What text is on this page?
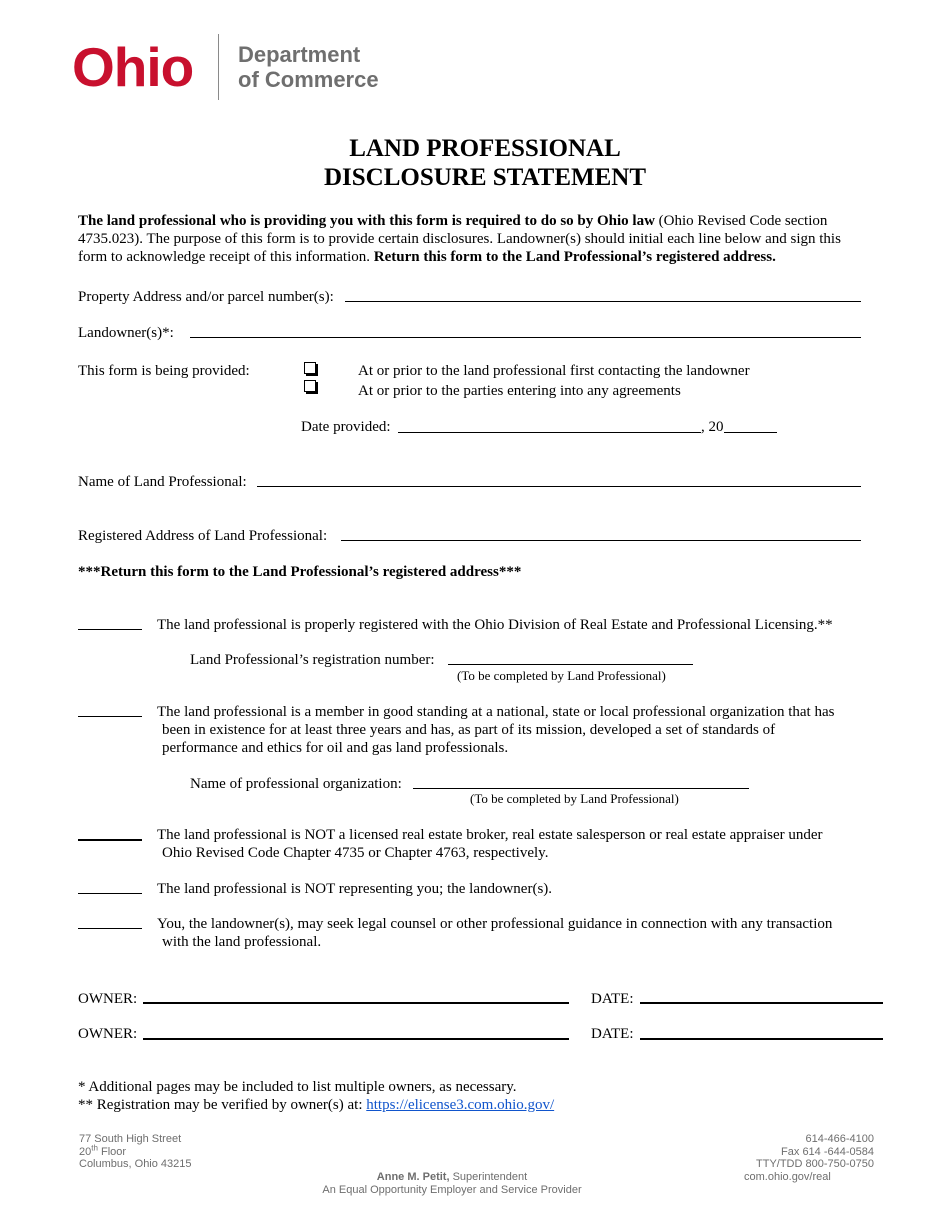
Ohio Department
of Commerce
LAND PROFESSIONAL
DISCLOSURE STATEMENT
The land professional who is providing you with this form is required to do so by Ohio law (Ohio Revised Code section 4735.023). The purpose of this form is to provide certain disclosures. Landowner(s) should initial each line below and sign this form to acknowledge receipt of this information. Return this form to the Land Professional’s registered address.
Property Address and/or parcel number(s):
Landowner(s)*:
This form is being provided:	At or prior to the land professional first contacting the landowner
At or prior to the parties entering into any agreements
Date provided:	, 20
Name of Land Professional:
Registered Address of Land Professional:
***Return this form to the Land Professional’s registered address***
The land professional is properly registered with the Ohio Division of Real Estate and Professional Licensing.**
Land Professional’s registration number:
(To be completed by Land Professional)
The land professional is a member in good standing at a national, state or local professional organization that has
been in existence for at least three years and has, as part of its mission, developed a set of standards of
performance and ethics for oil and gas land professionals.
Name of professional organization:
(To be completed by Land Professional)
The land professional is NOT a licensed real estate broker, real estate salesperson or real estate appraiser under
Ohio Revised Code Chapter 4735 or Chapter 4763, respectively.
The land professional is NOT representing you; the landowner(s).
You, the landowner(s), may seek legal counsel or other professional guidance in connection with any transaction
with the land professional.
OWNER:	DATE:
OWNER:	DATE:
* Additional pages may be included to list multiple owners, as necessary.
** Registration may be verified by owner(s) at: https://elicense3.com.ohio.gov/
77 South High Street
20th Floor
Columbus, Ohio 43215
Anne M. Petit, Superintendent
An Equal Opportunity Employer and Service Provider
614-466-4100
Fax 614 -644-0584
TTY/TDD 800-750-0750
com.ohio.gov/real
